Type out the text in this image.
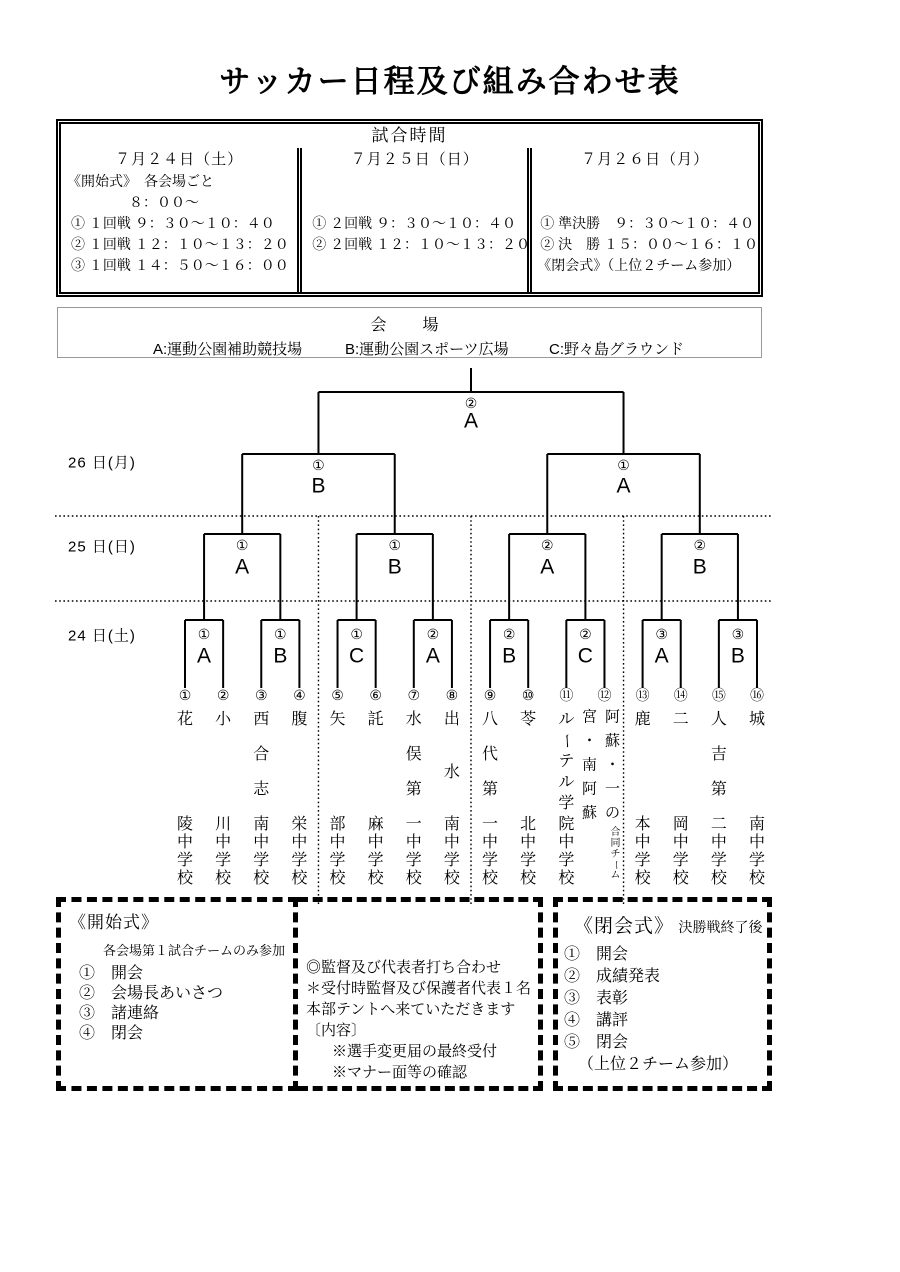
サッカー日程及び組み合わせ表
試合時間
７月２４日（土）
《開始式》　各会場ごと
８：００～
① １回戦 ９：３０～１０：４０
② １回戦 １２：１０～１３：２０
③ １回戦 １４：５０～１６：００
７月２５日（日）

① ２回戦 ９：３０～１０：４０
② ２回戦 １２：１０～１３：２０
７月２６日（月）

① 準決勝　９：３０～１０：４０
② 決　勝 １５：００～１６：１０
《閉会式》（上位２チーム参加）
会　場
A:運動公園補助競技場	B:運動公園スポーツ広場	C:野々島グラウンド
26 日(月)
25 日(日)
24 日(土)
②
A
①
B
①
A
①
A
①
B
②
A
②
B
①
A
①
B
①
C
②
A
②
B
②
C
③
A
③
B
①
花
陵
中
学
校
②
小
川
中
学
校
③
西
合
志
南
中
学
校
④
腹
栄
中
学
校
⑤
矢
部
中
学
校
⑥
託
麻
中
学
校
⑦
水
俣
第
一
中
学
校
⑧
出
水
南
中
学
校
⑨
八
代
第
一
中
学
校
⑩
苓
北
中
学
校
⑪
ル
ー
テ
ル
学
院
中
学
校
⑫
阿
蘇
・
一
の
宮
・
南
阿
蘇
合
同
チ
ー
ム
⑬
鹿
本
中
学
校
⑭
二
岡
中
学
校
⑮
人
吉
第
二
中
学
校
⑯
城
南
中
学
校
《開始式》
各会場第１試合チームのみ参加
①　開会
②　会場長あいさつ
③　諸連絡
④　閉会
◎監督及び代表者打ち合わせ
＊受付時監督及び保護者代表１名
本部テントへ来ていただきます
〔内容〕
※選手変更届の最終受付
※マナー面等の確認
《閉会式》 決勝戦終了後
①　開会
②　成績発表
③　表彰
④　講評
⑤　閉会
（上位２チーム参加）
